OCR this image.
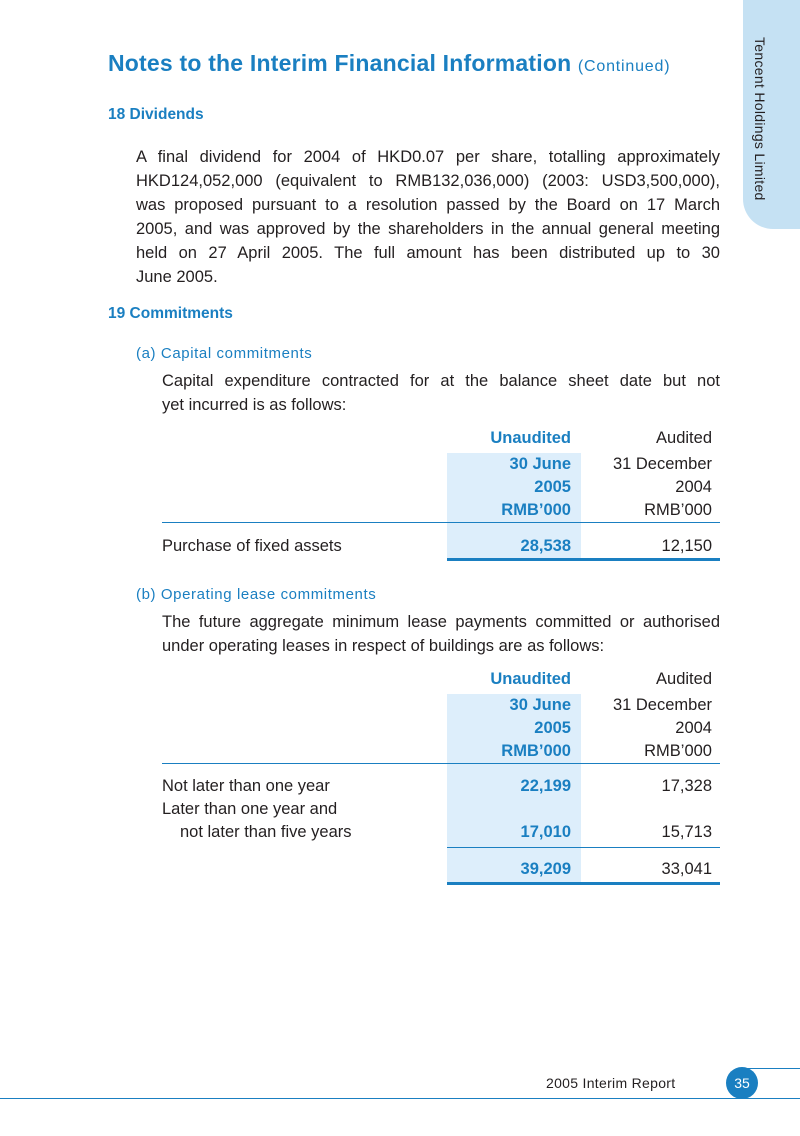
Tencent Holdings Limited
Notes to the Interim Financial Information (Continued)
18 Dividends
A final dividend for 2004 of HKD0.07 per share, totalling approximately
HKD124,052,000 (equivalent to RMB132,036,000) (2003: USD3,500,000),
was proposed pursuant to a resolution passed by the Board on 17 March
2005, and was approved by the shareholders in the annual general meeting
held on 27 April 2005. The full amount has been distributed up to 30
June 2005.
19 Commitments
(a) Capital commitments
Capital expenditure contracted for at the balance sheet date but not
yet incurred is as follows:
Unaudited	Audited
30 June	31 December
2005	2004
RMB’000	RMB’000
Purchase of fixed assets	28,538	12,150
(b) Operating lease commitments
The future aggregate minimum lease payments committed or authorised
under operating leases in respect of buildings are as follows:
Unaudited	Audited
30 June	31 December
2005	2004
RMB’000	RMB’000
Not later than one year	22,199	17,328
Later than one year and
not later than five years	17,010	15,713
39,209	33,041
2005 Interim Report	35
